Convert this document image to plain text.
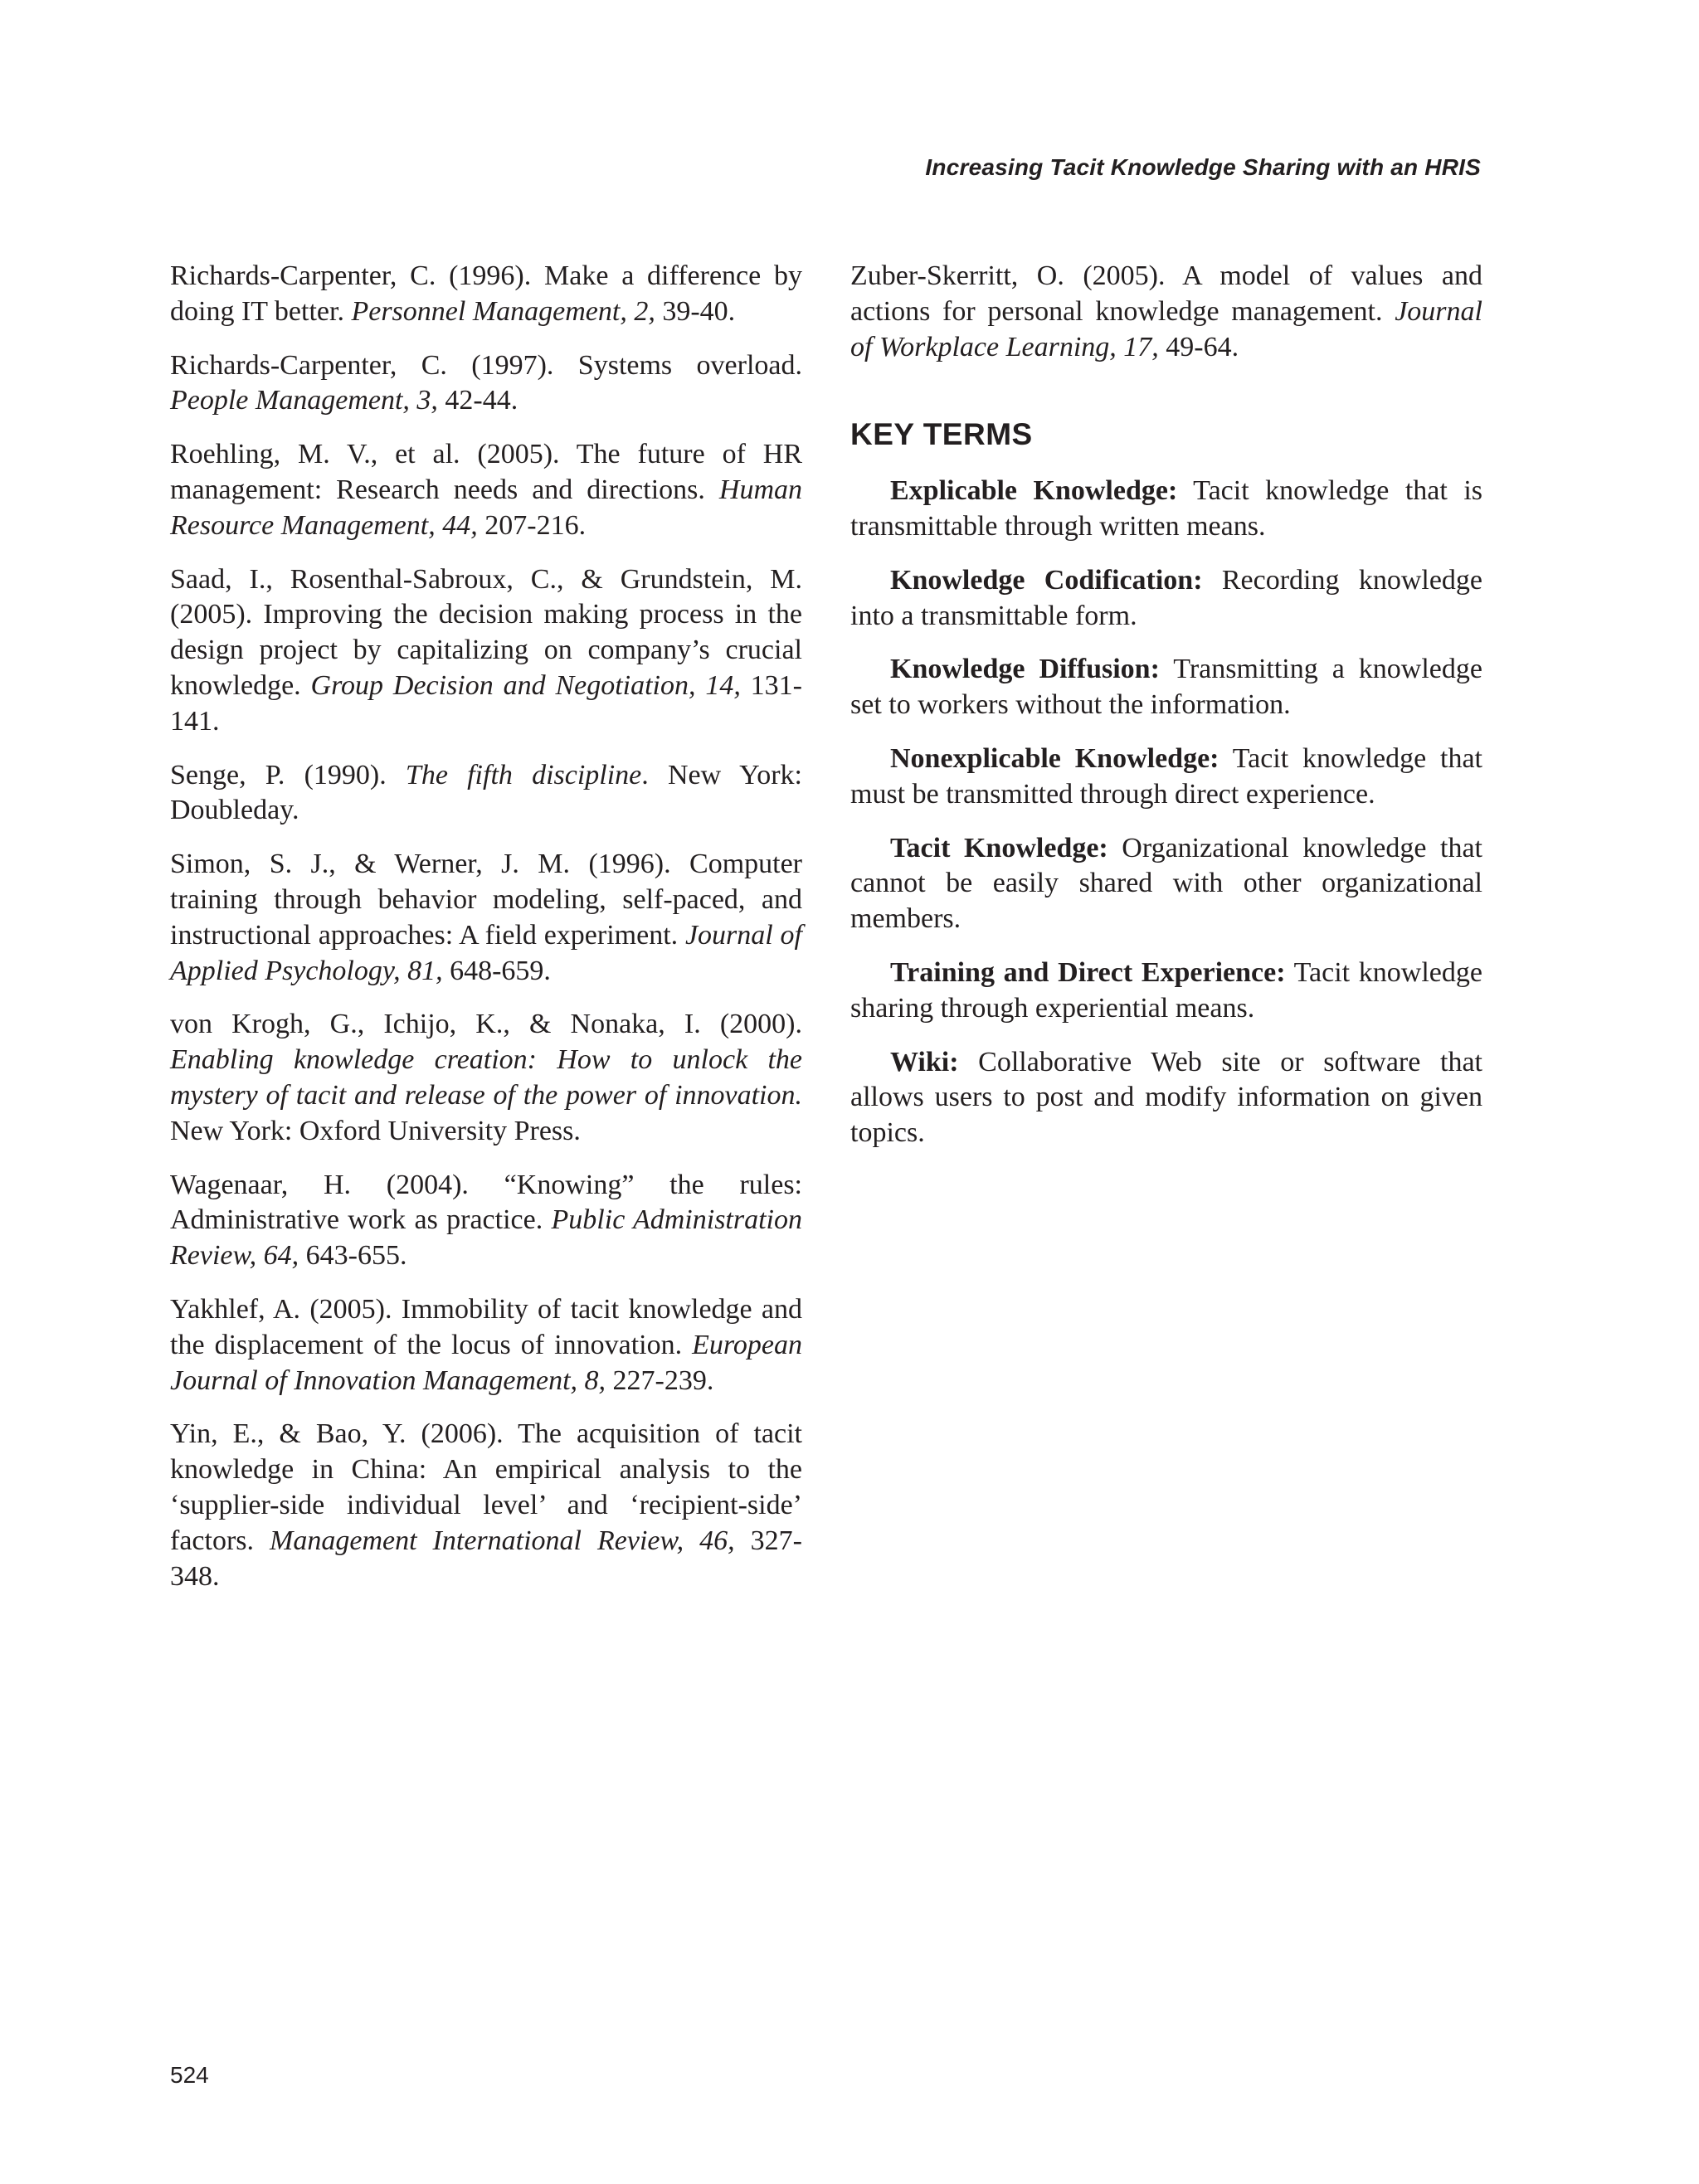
Increasing Tacit Knowledge Sharing with an HRIS

Richards-Carpenter, C. (1996). Make a difference by doing IT better. Personnel Management, 2, 39-40.

Richards-Carpenter, C. (1997). Systems overload. People Management, 3, 42-44.

Roehling, M. V., et al. (2005). The future of HR management: Research needs and directions. Human Resource Management, 44, 207-216.

Saad, I., Rosenthal-Sabroux, C., & Grundstein, M. (2005). Improving the decision making process in the design project by capitalizing on company’s crucial knowledge. Group Decision and Negotiation, 14, 131-141.

Senge, P. (1990). The fifth discipline. New York: Doubleday.

Simon, S. J., & Werner, J. M. (1996). Computer training through behavior modeling, self-paced, and instructional approaches: A field experiment. Journal of Applied Psychology, 81, 648-659.

von Krogh, G., Ichijo, K., & Nonaka, I. (2000). Enabling knowledge creation: How to unlock the mystery of tacit and release of the power of innovation. New York: Oxford University Press.

Wagenaar, H. (2004). “Knowing” the rules: Administrative work as practice. Public Administration Review, 64, 643-655.

Yakhlef, A. (2005). Immobility of tacit knowledge and the displacement of the locus of innovation. European Journal of Innovation Management, 8, 227-239.

Yin, E., & Bao, Y. (2006). The acquisition of tacit knowledge in China: An empirical analysis to the ‘supplier-side individual level’ and ‘recipient-side’ factors. Management International Review, 46, 327-348.

Zuber-Skerritt, O. (2005). A model of values and actions for personal knowledge management. Journal of Workplace Learning, 17, 49-64.

KEY TERMS

Explicable Knowledge: Tacit knowledge that is transmittable through written means.

Knowledge Codification: Recording knowledge into a transmittable form.

Knowledge Diffusion: Transmitting a knowledge set to workers without the information.

Nonexplicable Knowledge: Tacit knowledge that must be transmitted through direct experience.

Tacit Knowledge: Organizational knowledge that cannot be easily shared with other organizational members.

Training and Direct Experience: Tacit knowledge sharing through experiential means.

Wiki: Collaborative Web site or software that allows users to post and modify information on given topics.

524
